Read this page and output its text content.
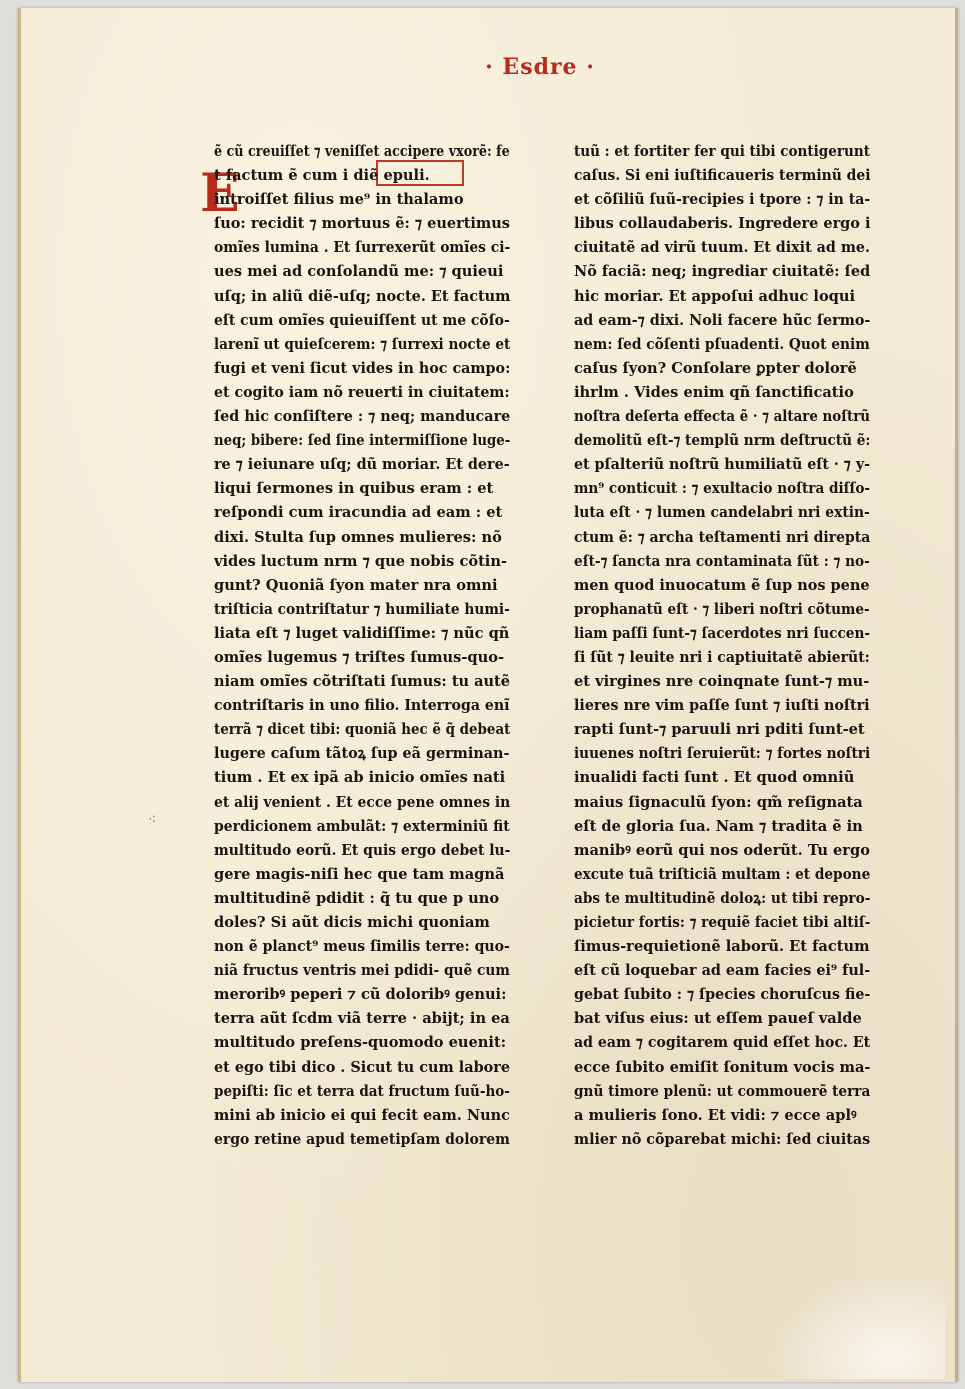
· Esdre ·
E
⁖
ẽ cũ creuiſſet ⁊ veniſſet accipere vxorẽ: fe
t factum ẽ cum i diẽ epuli.
introiſſet filius me⁹ in thalamo
ſuo: recidit ⁊ mortuus ẽ: ⁊ euertimus
omĩes lumina . Et ſurrexerũt omĩes ci-
ues mei ad conſolandũ me: ⁊ quieui
uſq; in aliũ diẽ-uſq; nocte. Et factum
eſt cum omĩes quieuiſſent ut me cõſo-
larenĩ ut quieſcerem: ⁊ ſurrexi nocte et
fugi et veni ſicut vides in hoc campo:
et cogito iam nõ reuerti in ciuitatem:
ſed hic conſiſtere : ⁊ neq; manducare
neq; bibere: ſed ſine intermiſſione luge-
re ⁊ ieiunare uſq; dũ moriar. Et dere-
liqui ſermones in quibus eram : et
reſpondi cum iracundia ad eam : et
dixi. Stulta ſup omnes mulieres: nõ
vides luctum nrm ⁊ que nobis cõtin-
gunt? Quoniã ſyon mater nra omni
triſticia contriſtatur ⁊ humiliate humi-
liata eſt ⁊ luget validiſſime: ⁊ nũc qñ
omĩes lugemus ⁊ triſtes ſumus-quo-
niam omĩes cõtriſtati ſumus: tu autẽ
contriſtaris in uno filio. Interroga enĩ
terrã ⁊ dicet tibi: quoniã hec ẽ q̃ debeat
lugere caſum tãtoꝝ ſup eã germinan-
tium . Et ex ipã ab inicio omĩes nati
et alij venient . Et ecce pene omnes in
perdicionem ambulãt: ⁊ exterminiũ fit
multitudo eorũ. Et quis ergo debet lu-
gere magis-niſi hec que tam magnã
multitudinẽ pdidit : q̃ tu que p uno
doles? Si aũt dicis michi quoniam
non ẽ planct⁹ meus ſimilis terre: quo-
niã fructus ventris mei pdidi- quẽ cum
meroribꝰ peperi ⁊ cũ doloribꝰ genui:
terra aũt ſcdm viã terre · abijt; in ea
multitudo preſens-quomodo euenit:
et ego tibi dico . Sicut tu cum labore
pepiſti: ſic et terra dat fructum ſuũ-ho-
mini ab inicio ei qui fecit eam. Nunc
ergo retine apud temetipſam dolorem
tuũ : et fortiter fer qui tibi contigerunt
caſus. Si eni iuſtificaueris terminũ dei
et cõſiliũ ſuũ-recipies i tpore : ⁊ in ta-
libus collaudaberis. Ingredere ergo i
ciuitatẽ ad virũ tuum. Et dixit ad me.
Nõ faciã: neq; ingrediar ciuitatẽ: ſed
hic moriar. Et appoſui adhuc loqui
ad eam-⁊ dixi. Noli facere hũc ſermo-
nem: ſed cõſenti pſuadenti. Quot enim
caſus ſyon? Conſolare ꝑpter dolorẽ
ihrlm . Vides enim qñ ſanctificatio
noſtra deſerta effecta ẽ · ⁊ altare noſtrũ
demolitũ eſt-⁊ templũ nrm deſtructũ ẽ:
et pſalteriũ noſtrũ humiliatũ eſt · ⁊ y-
mn⁹ conticuit : ⁊ exultacio noſtra diſſo-
luta eſt · ⁊ lumen candelabri nri extin-
ctum ẽ: ⁊ archa teſtamenti nri direpta
eſt-⁊ ſancta nra contaminata ſũt : ⁊ no-
men quod inuocatum ẽ ſup nos pene
prophanatũ eſt · ⁊ liberi noſtri cõtume-
liam paſſi ſunt-⁊ ſacerdotes nri ſuccen-
ſi ſũt ⁊ leuite nri i captiuitatẽ abierũt:
et virgines nre coinqnate ſunt-⁊ mu-
lieres nre vim paſſe ſunt ⁊ iuſti noſtri
rapti ſunt-⁊ paruuli nri pditi ſunt-et
iuuenes noſtri ſeruierũt: ⁊ fortes noſtri
inualidi facti ſunt . Et quod omniũ
maius ſignaculũ ſyon: qm̃ reſignata
eſt de gloria ſua. Nam ⁊ tradita ẽ in
manibꝰ eorũ qui nos oderũt. Tu ergo
excute tuã triſticiã multam : et depone
abs te multitudinẽ doloꝝ: ut tibi repro-
picietur fortis: ⁊ requiẽ faciet tibi altiſ-
ſimus-requietionẽ laborũ. Et factum
eſt cũ loquebar ad eam facies ei⁹ ful-
gebat ſubito : ⁊ ſpecies choruſcus fie-
bat viſus eius: ut eſſem paueſ valde
ad eam ⁊ cogitarem quid eſſet hoc. Et
ecce ſubito emiſit ſonitum vocis ma-
gnũ timore plenũ: ut commouerẽ terra
a mulieris ſono. Et vidi: ⁊ ecce aplꝰ
mlier nõ cõparebat michi: ſed ciuitas
